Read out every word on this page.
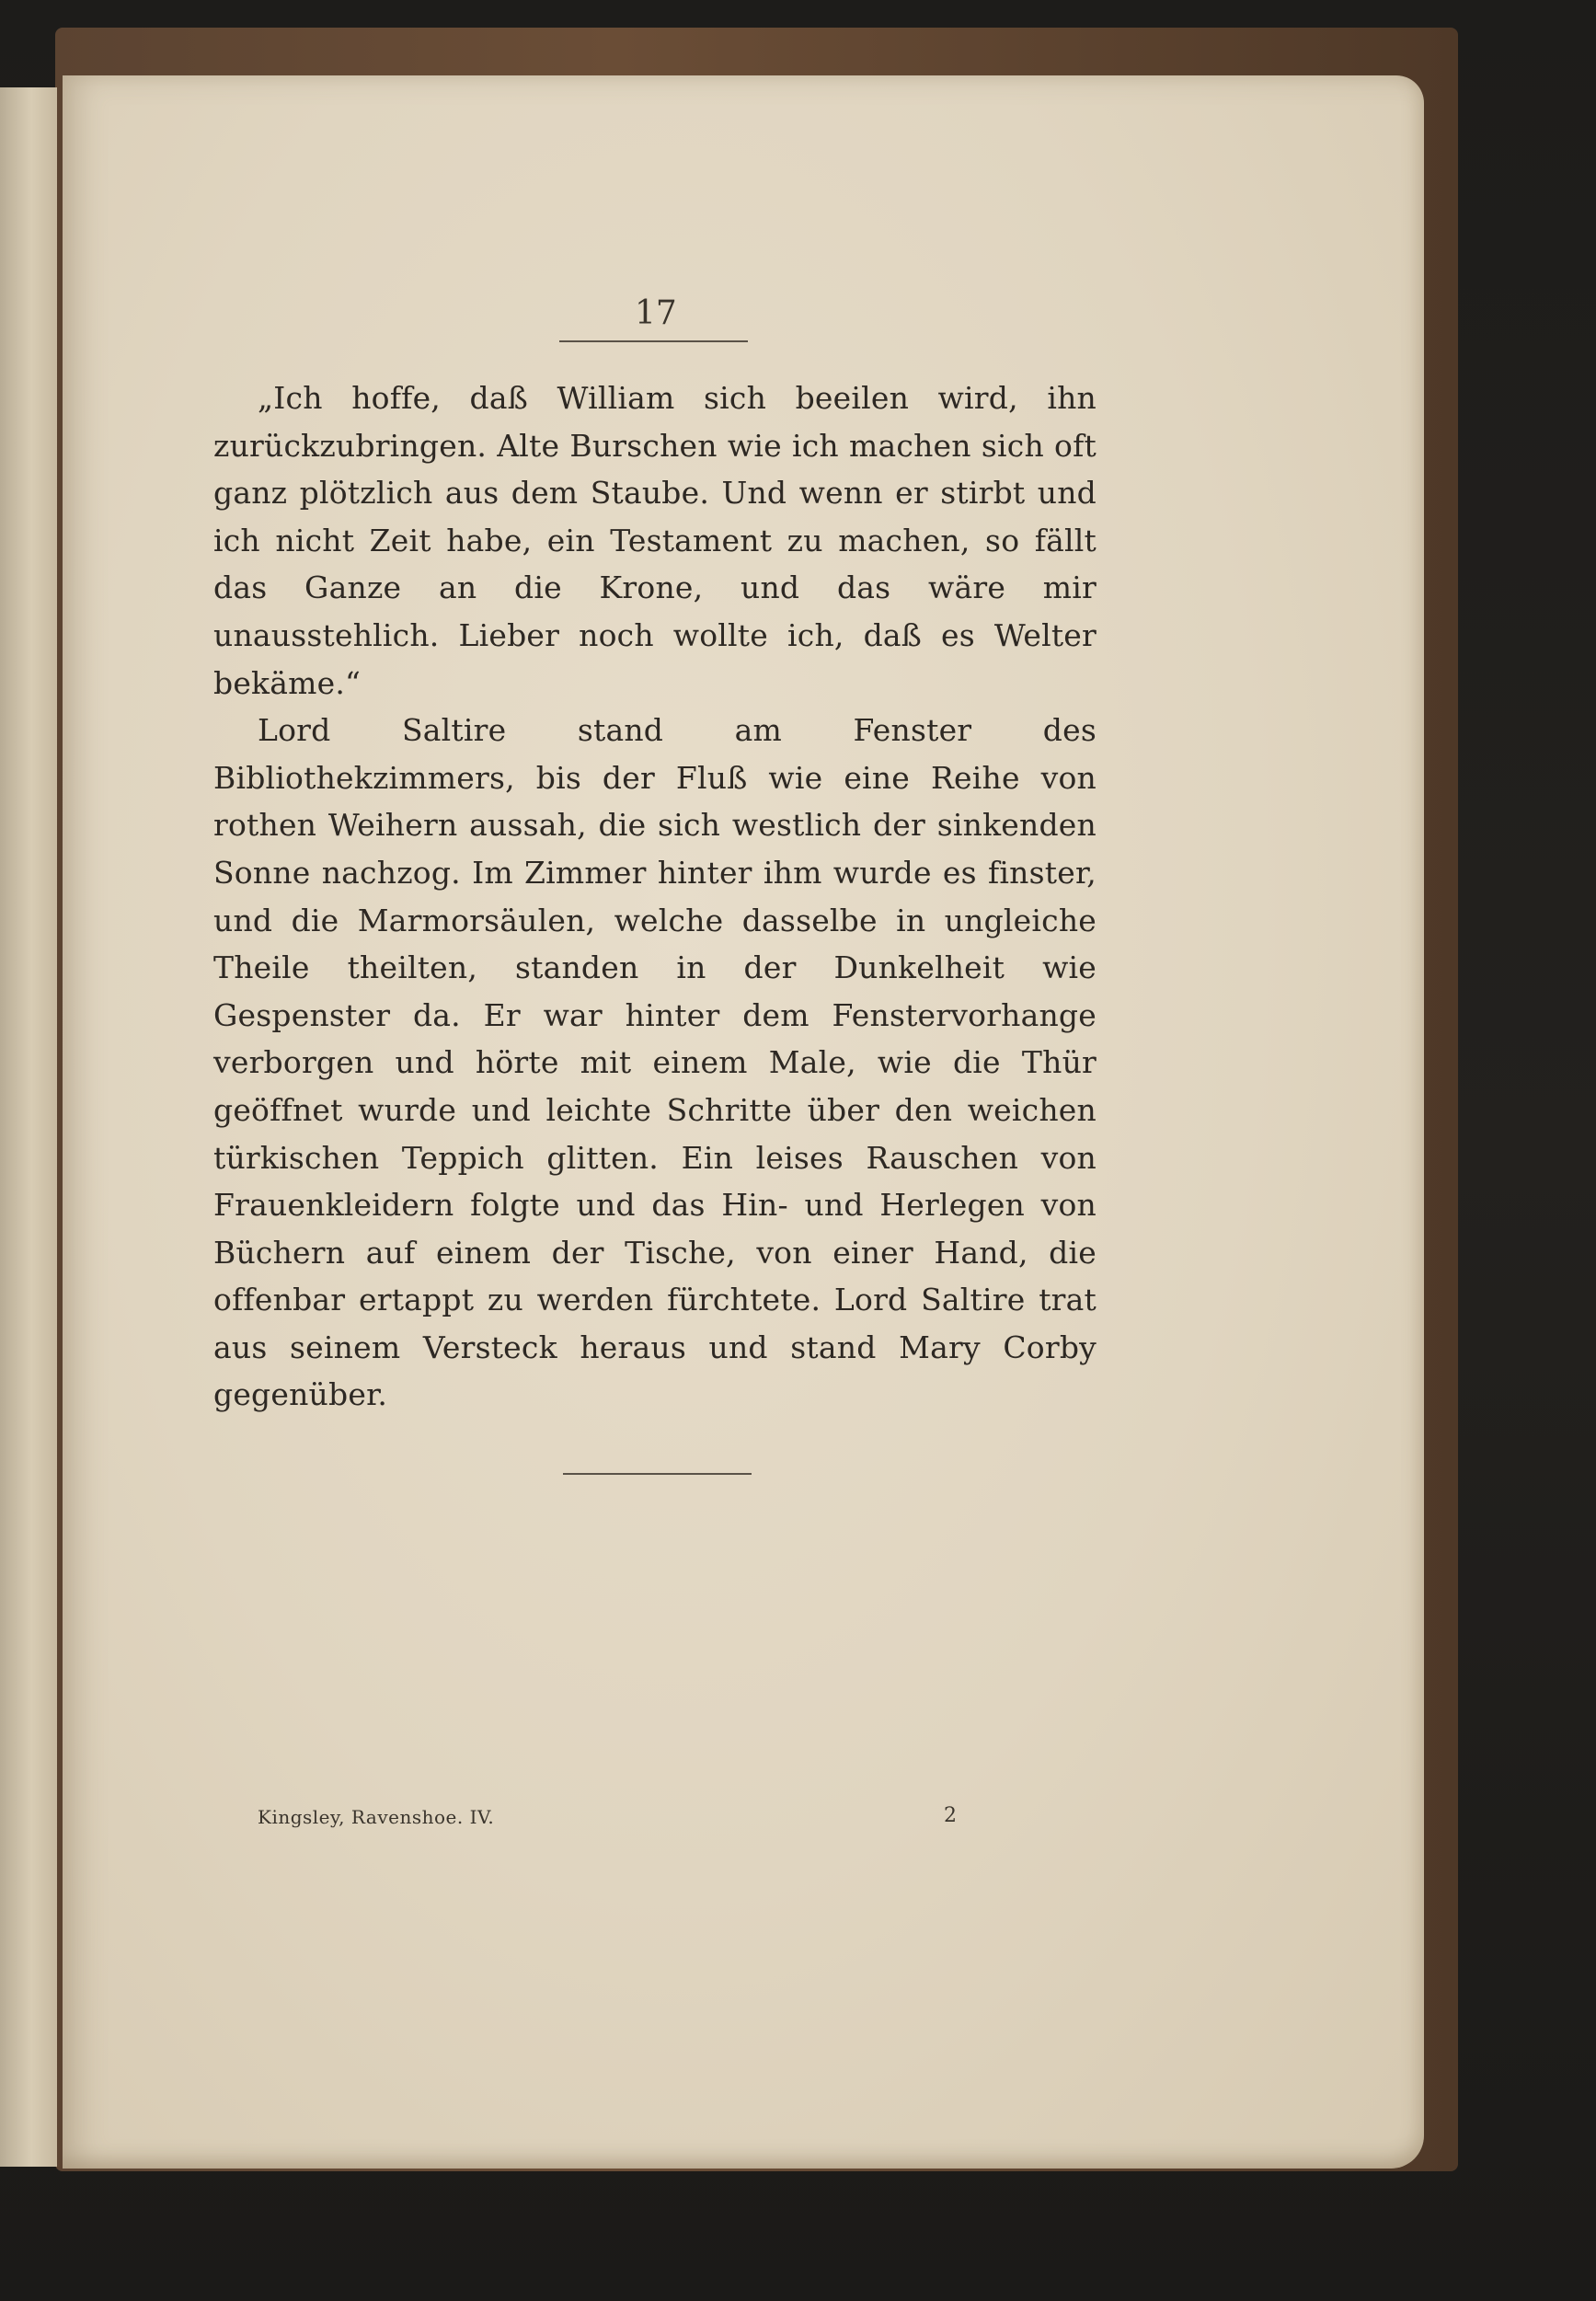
17

„Ich hoffe, daß William sich beeilen wird, ihn zurückzubringen. Alte Burschen wie ich machen sich oft ganz plötzlich aus dem Staube. Und wenn er stirbt und ich nicht Zeit habe, ein Testament zu machen, so fällt das Ganze an die Krone, und das wäre mir unausstehlich. Lieber noch wollte ich, daß es Welter bekäme.“

Lord Saltire stand am Fenster des Bibliothekzimmers, bis der Fluß wie eine Reihe von rothen Weihern aussah, die sich westlich der sinkenden Sonne nachzog. Im Zimmer hinter ihm wurde es finster, und die Marmorsäulen, welche dasselbe in ungleiche Theile theilten, standen in der Dunkelheit wie Gespenster da. Er war hinter dem Fenstervorhange verborgen und hörte mit einem Male, wie die Thür geöffnet wurde und leichte Schritte über den weichen türkischen Teppich glitten. Ein leises Rauschen von Frauenkleidern folgte und das Hin- und Herlegen von Büchern auf einem der Tische, von einer Hand, die offenbar ertappt zu werden fürchtete. Lord Saltire trat aus seinem Versteck heraus und stand Mary Corby gegenüber.

Kingsley, Ravenshoe. IV.	2
